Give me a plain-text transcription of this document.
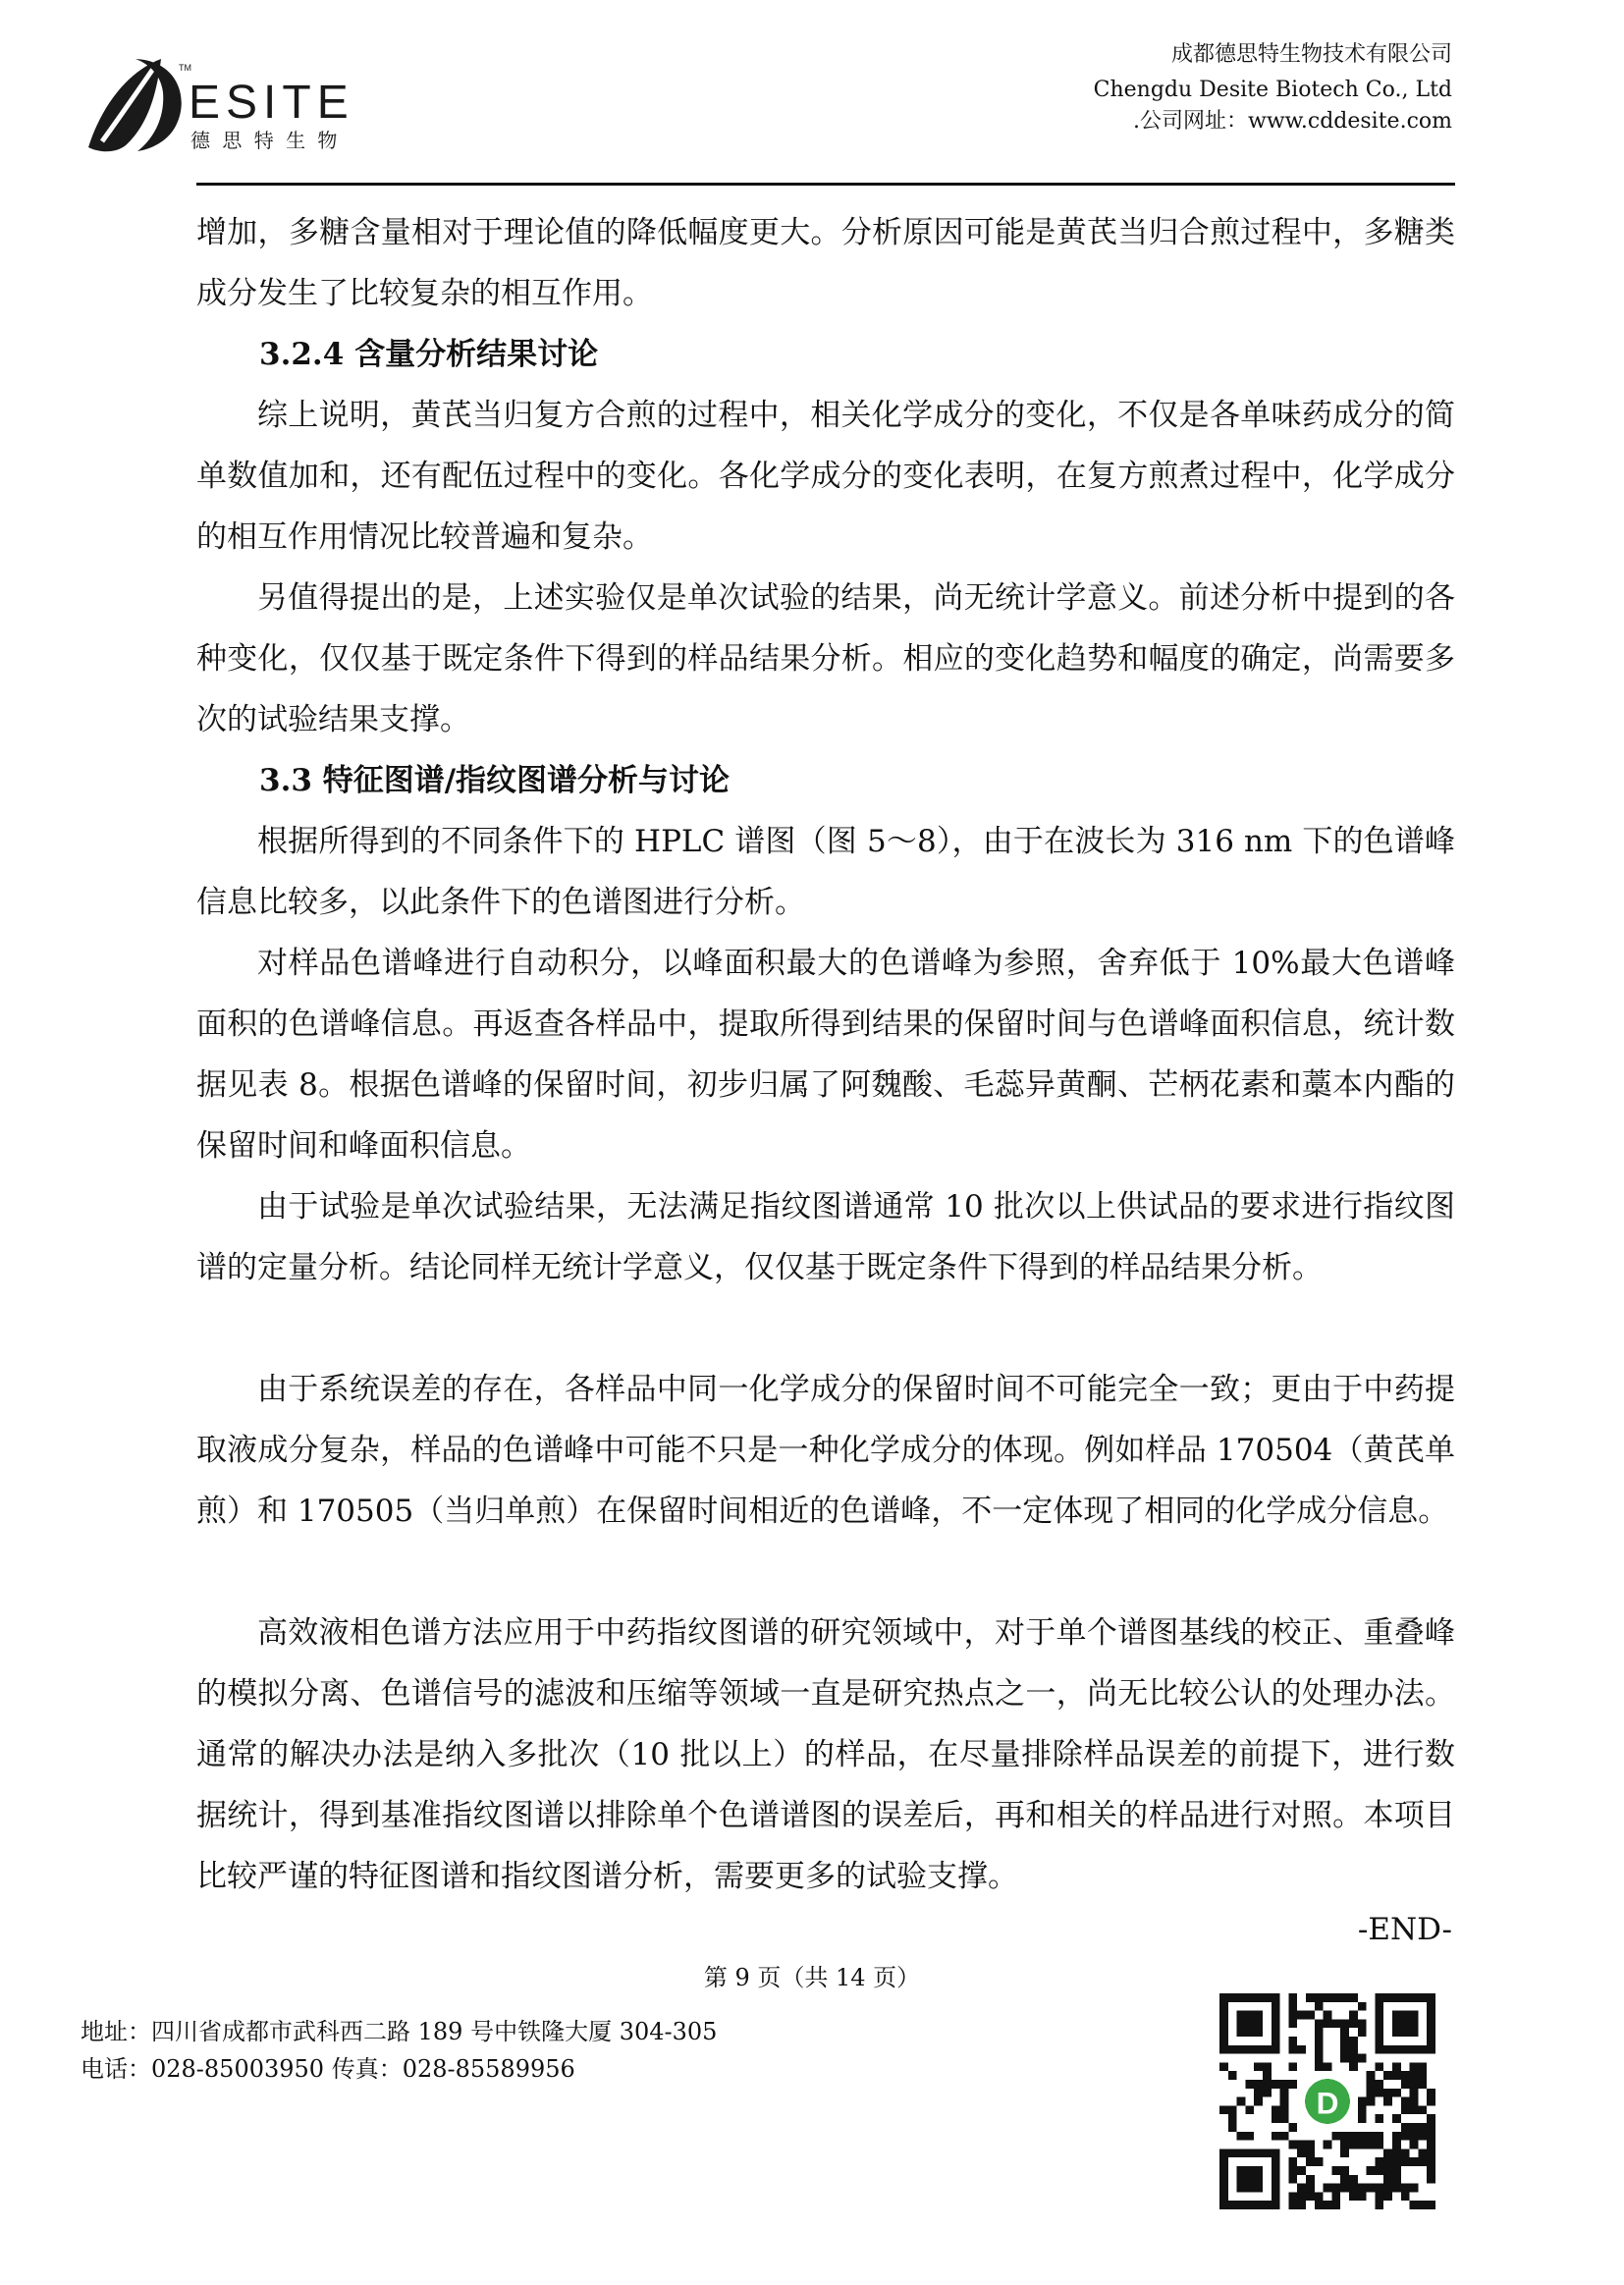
TM
ESITE
德 思 特 生 物
成都德思特生物技术有限公司
Chengdu Desite Biotech Co., Ltd
.公司网址：www.cddesite.com

增加，多糖含量相对于理论值的降低幅度更大。分析原因可能是黄芪当归合煎过程中，多糖类成分发生了比较复杂的相互作用。

3.2.4 含量分析结果讨论

综上说明，黄芪当归复方合煎的过程中，相关化学成分的变化，不仅是各单味药成分的简单数值加和，还有配伍过程中的变化。各化学成分的变化表明，在复方煎煮过程中，化学成分的相互作用情况比较普遍和复杂。

另值得提出的是，上述实验仅是单次试验的结果，尚无统计学意义。前述分析中提到的各种变化，仅仅基于既定条件下得到的样品结果分析。相应的变化趋势和幅度的确定，尚需要多次的试验结果支撑。

3.3 特征图谱/指纹图谱分析与讨论

根据所得到的不同条件下的 HPLC 谱图（图 5～8），由于在波长为 316 nm 下的色谱峰信息比较多，以此条件下的色谱图进行分析。

对样品色谱峰进行自动积分，以峰面积最大的色谱峰为参照，舍弃低于 10%最大色谱峰面积的色谱峰信息。再返查各样品中，提取所得到结果的保留时间与色谱峰面积信息，统计数据见表 8。根据色谱峰的保留时间，初步归属了阿魏酸、毛蕊异黄酮、芒柄花素和藁本内酯的保留时间和峰面积信息。

由于试验是单次试验结果，无法满足指纹图谱通常 10 批次以上供试品的要求进行指纹图谱的定量分析。结论同样无统计学意义，仅仅基于既定条件下得到的样品结果分析。

由于系统误差的存在，各样品中同一化学成分的保留时间不可能完全一致；更由于中药提取液成分复杂，样品的色谱峰中可能不只是一种化学成分的体现。例如样品 170504（黄芪单煎）和 170505（当归单煎）在保留时间相近的色谱峰，不一定体现了相同的化学成分信息。

高效液相色谱方法应用于中药指纹图谱的研究领域中，对于单个谱图基线的校正、重叠峰的模拟分离、色谱信号的滤波和压缩等领域一直是研究热点之一，尚无比较公认的处理办法。通常的解决办法是纳入多批次（10 批以上）的样品，在尽量排除样品误差的前提下，进行数据统计，得到基准指纹图谱以排除单个色谱谱图的误差后，再和相关的样品进行对照。本项目比较严谨的特征图谱和指纹图谱分析，需要更多的试验支撑。

-END-
第 9 页（共 14 页）
地址：四川省成都市武科西二路 189 号中铁隆大厦 304-305
电话：028-85003950 传真：028-85589956
D
